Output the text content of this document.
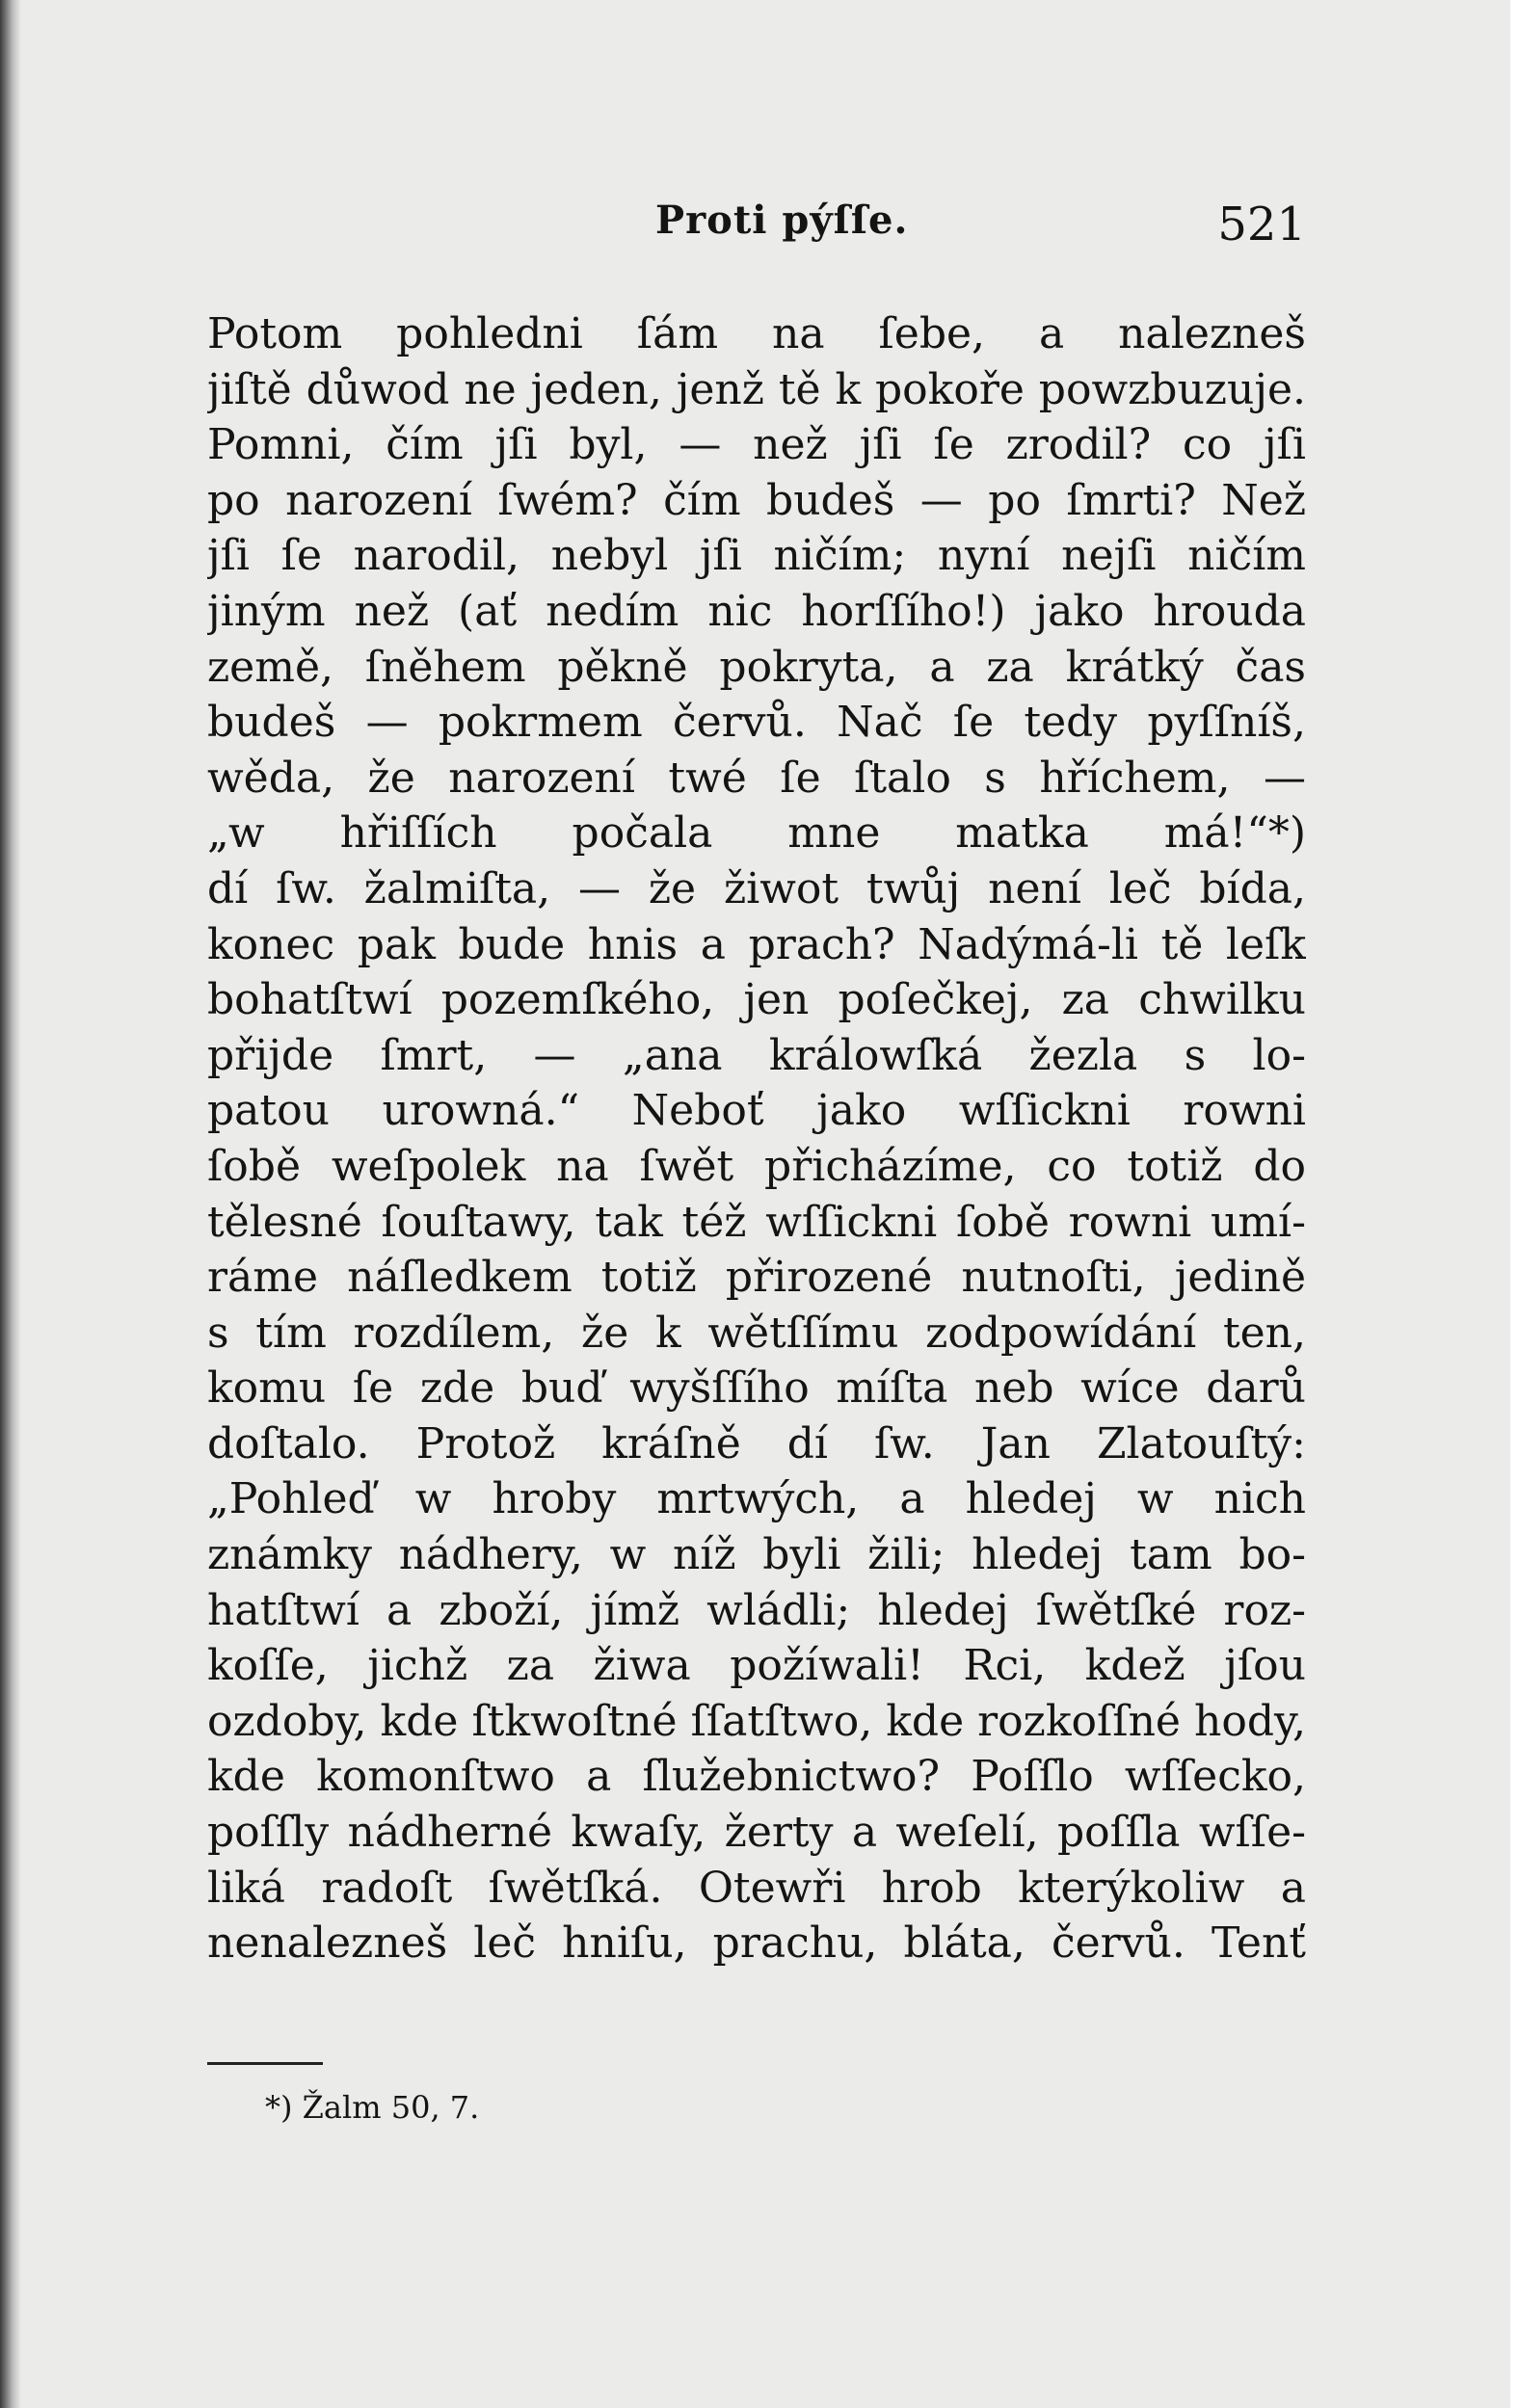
Proti pýſſe.	521
Potom pohledni ſám na ſebe, a nalezneš
jiſtě důwod ne jeden, jenž tě k pokoře powzbuzuje.
Pomni, čím jſi byl, — než jſi ſe zrodil? co jſi
po narození ſwém? čím budeš — po ſmrti? Než
jſi ſe narodil, nebyl jſi ničím; nyní nejſi ničím
jiným než (ať nedím nic horſſího!) jako hrouda
země, ſněhem pěkně pokryta, a za krátký čas
budeš — pokrmem červů. Nač ſe tedy pyſſníš,
wěda, že narození twé ſe ſtalo s hříchem, —
„w hřiſſích počala mne matka má!“*)
dí ſw. žalmiſta, — že žiwot twůj není leč bída,
konec pak bude hnis a prach? Nadýmá-li tě leſk
bohatſtwí pozemſkého, jen poſečkej, za chwilku
přijde ſmrt, — „ana králowſká žezla s lo-
patou urowná.“ Neboť jako wſſickni rowni
ſobě weſpolek na ſwět přicházíme, co totiž do
tělesné ſouſtawy, tak též wſſickni ſobě rowni umí-
ráme náſledkem totiž přirozené nutnoſti, jedině
s tím rozdílem, že k wětſſímu zodpowídání ten,
komu ſe zde buď wyšſſího míſta neb wíce darů
doſtalo. Protož kráſně dí ſw. Jan Zlatouſtý:
„Pohleď w hroby mrtwých, a hledej w nich
známky nádhery, w níž byli žili; hledej tam bo-
hatſtwí a zboží, jímž wládli; hledej ſwětſké roz-
koſſe, jichž za žiwa požíwali! Rci, kdež jſou
ozdoby, kde ſtkwoſtné ſſatſtwo, kde rozkoſſné hody,
kde komonſtwo a ſlužebnictwo? Poſſlo wſſecko,
poſſly nádherné kwaſy, žerty a weſelí, poſſla wſſe-
liká radoſt ſwětſká. Otewři hrob kterýkoliw a
nenalezneš leč hniſu, prachu, bláta, červů. Tenť
*) Žalm 50, 7.
